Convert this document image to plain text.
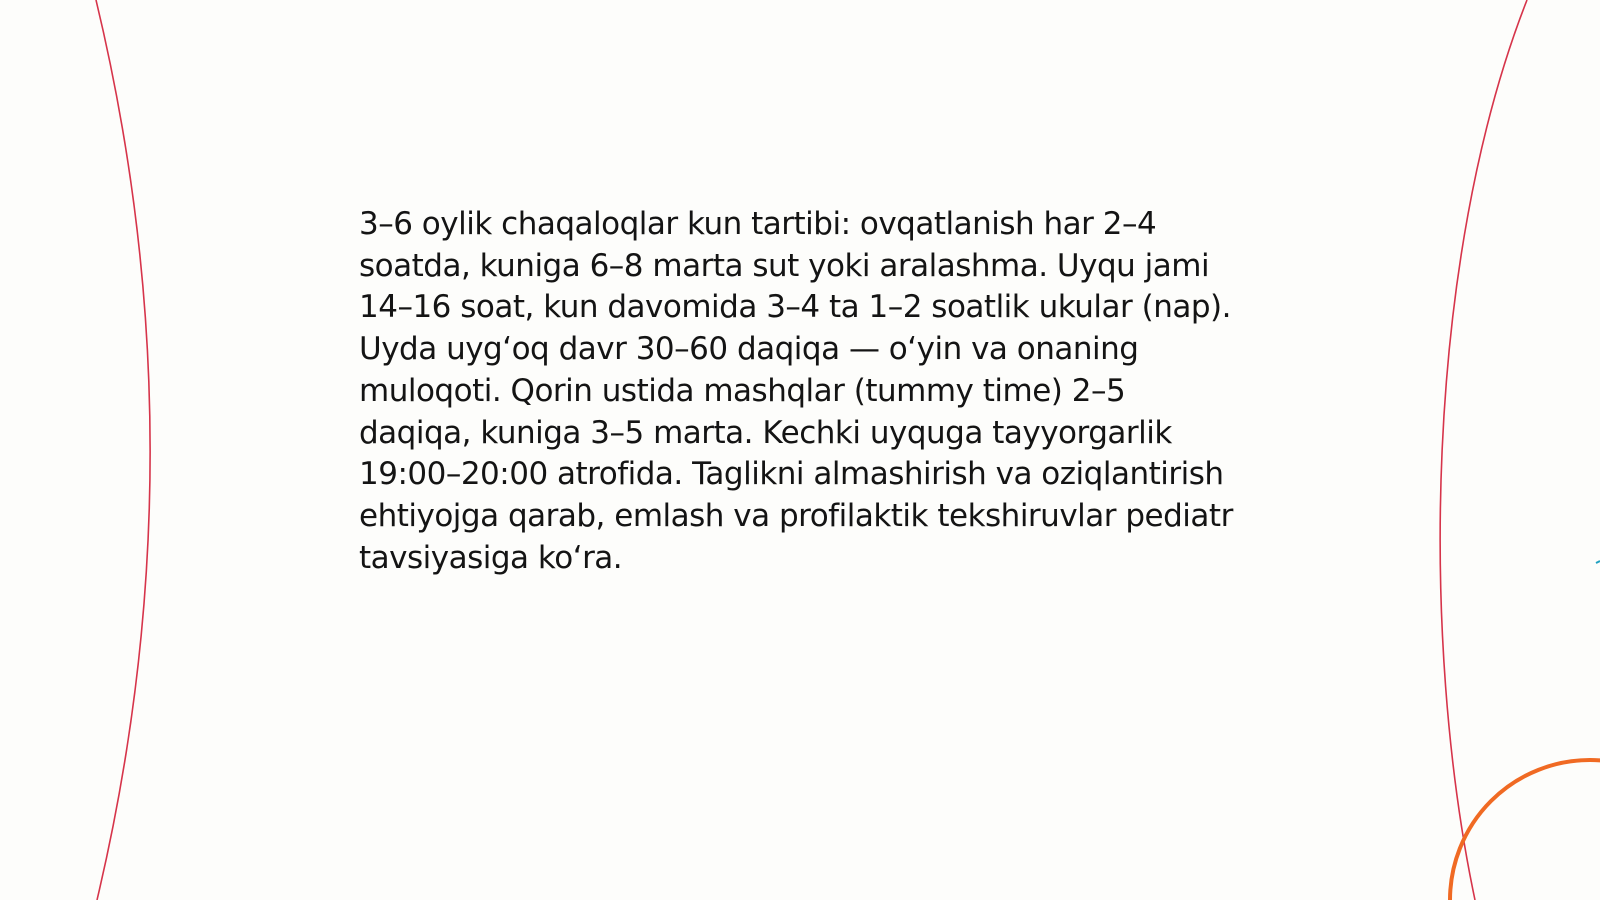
3–6 oylik chaqaloqlar kun tartibi: ovqatlanish har 2–4 soatda, kuniga 6–8 marta sut yoki aralashma. Uyqu jami 14–16 soat, kun davomida 3–4 ta 1–2 soatlik ukular (nap). Uyda uygʻoq davr 30–60 daqiqa — oʻyin va onaning muloqoti. Qorin ustida mashqlar (tummy time) 2–5 daqiqa, kuniga 3–5 marta. Kechki uyquga tayyorgarlik 19:00–20:00 atrofida. Taglikni almashirish va oziqlantirish ehtiyojga qarab, emlash va profilaktik tekshiruvlar pediatr tavsiyasiga koʻra.
